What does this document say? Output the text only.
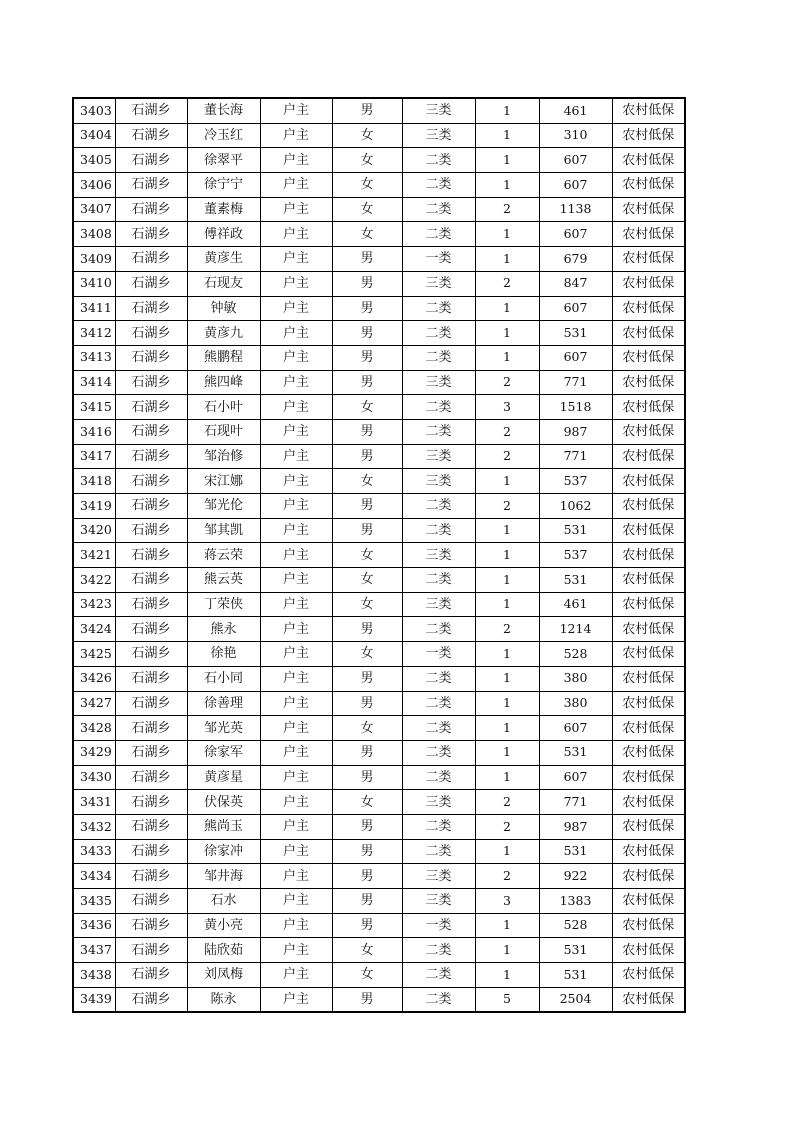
3403	石湖乡	董长海	户主	男	三类	1	461	农村低保
3404	石湖乡	冷玉红	户主	女	三类	1	310	农村低保
3405	石湖乡	徐翠平	户主	女	二类	1	607	农村低保
3406	石湖乡	徐宁宁	户主	女	二类	1	607	农村低保
3407	石湖乡	董素梅	户主	女	二类	2	1138	农村低保
3408	石湖乡	傅祥政	户主	女	二类	1	607	农村低保
3409	石湖乡	黄彦生	户主	男	一类	1	679	农村低保
3410	石湖乡	石现友	户主	男	三类	2	847	农村低保
3411	石湖乡	钟敏	户主	男	二类	1	607	农村低保
3412	石湖乡	黄彦九	户主	男	二类	1	531	农村低保
3413	石湖乡	熊鹏程	户主	男	二类	1	607	农村低保
3414	石湖乡	熊四峰	户主	男	三类	2	771	农村低保
3415	石湖乡	石小叶	户主	女	二类	3	1518	农村低保
3416	石湖乡	石现叶	户主	男	二类	2	987	农村低保
3417	石湖乡	邹治修	户主	男	三类	2	771	农村低保
3418	石湖乡	宋江娜	户主	女	三类	1	537	农村低保
3419	石湖乡	邹光伦	户主	男	二类	2	1062	农村低保
3420	石湖乡	邹其凯	户主	男	二类	1	531	农村低保
3421	石湖乡	蒋云荣	户主	女	三类	1	537	农村低保
3422	石湖乡	熊云英	户主	女	二类	1	531	农村低保
3423	石湖乡	丁荣侠	户主	女	三类	1	461	农村低保
3424	石湖乡	熊永	户主	男	二类	2	1214	农村低保
3425	石湖乡	徐艳	户主	女	一类	1	528	农村低保
3426	石湖乡	石小同	户主	男	二类	1	380	农村低保
3427	石湖乡	徐善理	户主	男	二类	1	380	农村低保
3428	石湖乡	邹光英	户主	女	二类	1	607	农村低保
3429	石湖乡	徐家军	户主	男	二类	1	531	农村低保
3430	石湖乡	黄彦星	户主	男	二类	1	607	农村低保
3431	石湖乡	伏保英	户主	女	三类	2	771	农村低保
3432	石湖乡	熊尚玉	户主	男	二类	2	987	农村低保
3433	石湖乡	徐家冲	户主	男	二类	1	531	农村低保
3434	石湖乡	邹井海	户主	男	三类	2	922	农村低保
3435	石湖乡	石水	户主	男	三类	3	1383	农村低保
3436	石湖乡	黄小亮	户主	男	一类	1	528	农村低保
3437	石湖乡	陆欣茹	户主	女	二类	1	531	农村低保
3438	石湖乡	刘凤梅	户主	女	二类	1	531	农村低保
3439	石湖乡	陈永	户主	男	二类	5	2504	农村低保
